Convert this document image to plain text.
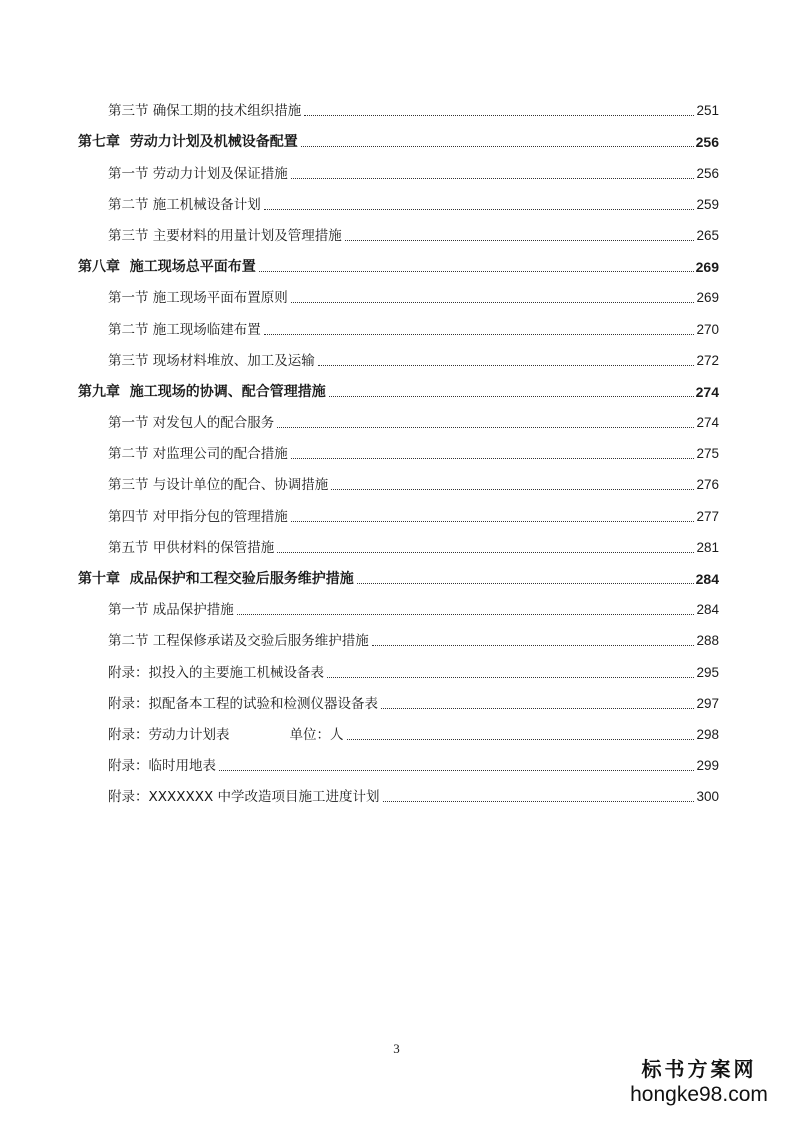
第三节 确保工期的技术组织措施	251
第七章  劳动力计划及机械设备配置	256
第一节 劳动力计划及保证措施	256
第二节 施工机械设备计划	259
第三节 主要材料的用量计划及管理措施	265
第八章  施工现场总平面布置	269
第一节 施工现场平面布置原则	269
第二节 施工现场临建布置	270
第三节 现场材料堆放、加工及运输	272
第九章  施工现场的协调、配合管理措施	274
第一节 对发包人的配合服务	274
第二节 对监理公司的配合措施	275
第三节 与设计单位的配合、协调措施	276
第四节 对甲指分包的管理措施	277
第五节 甲供材料的保管措施	281
第十章  成品保护和工程交验后服务维护措施	284
第一节 成品保护措施	284
第二节 工程保修承诺及交验后服务维护措施	288
附录：拟投入的主要施工机械设备表	295
附录：拟配备本工程的试验和检测仪器设备表	297
附录：劳动力计划表	单位：人	298
附录：临时用地表	299
附录：XXXXXXX 中学改造项目施工进度计划	300
3
标书方案网
hongke98.com
